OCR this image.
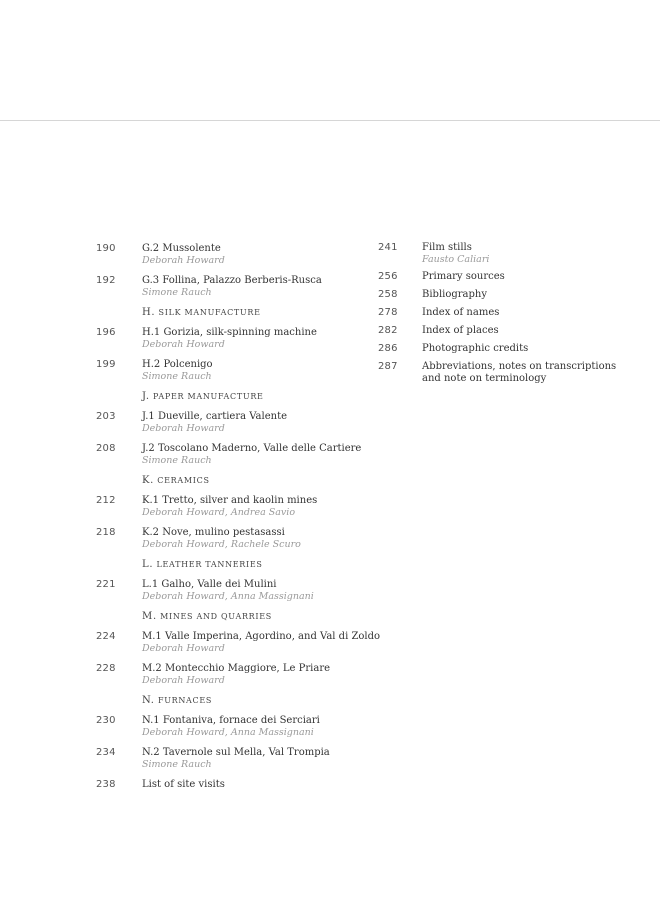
190	G.2 Mussolente
Deborah Howard
192	G.3 Follina, Palazzo Berberis-Rusca
Simone Rauch
H. SILK MANUFACTURE
196	H.1 Gorizia, silk-spinning machine
Deborah Howard
199	H.2 Polcenigo
Simone Rauch
J. PAPER MANUFACTURE
203	J.1 Dueville, cartiera Valente
Deborah Howard
208	J.2 Toscolano Maderno, Valle delle Cartiere
Simone Rauch
K. CERAMICS
212	K.1 Tretto, silver and kaolin mines
Deborah Howard, Andrea Savio
218	K.2 Nove, mulino pestasassi
Deborah Howard, Rachele Scuro
L. LEATHER TANNERIES
221	L.1 Galho, Valle dei Mulini
Deborah Howard, Anna Massignani
M. MINES AND QUARRIES
224	M.1 Valle Imperina, Agordino, and Val di Zoldo
Deborah Howard
228	M.2 Montecchio Maggiore, Le Priare
Deborah Howard
N. FURNACES
230	N.1 Fontaniva, fornace dei Serciari
Deborah Howard, Anna Massignani
234	N.2 Tavernole sul Mella, Val Trompia
Simone Rauch
238	List of site visits
241 Film stills
Fausto Caliari
256 Primary sources
258 Bibliography
278 Index of names
282 Index of places
286 Photographic credits
287 Abbreviations, notes on transcriptions and note on terminology
